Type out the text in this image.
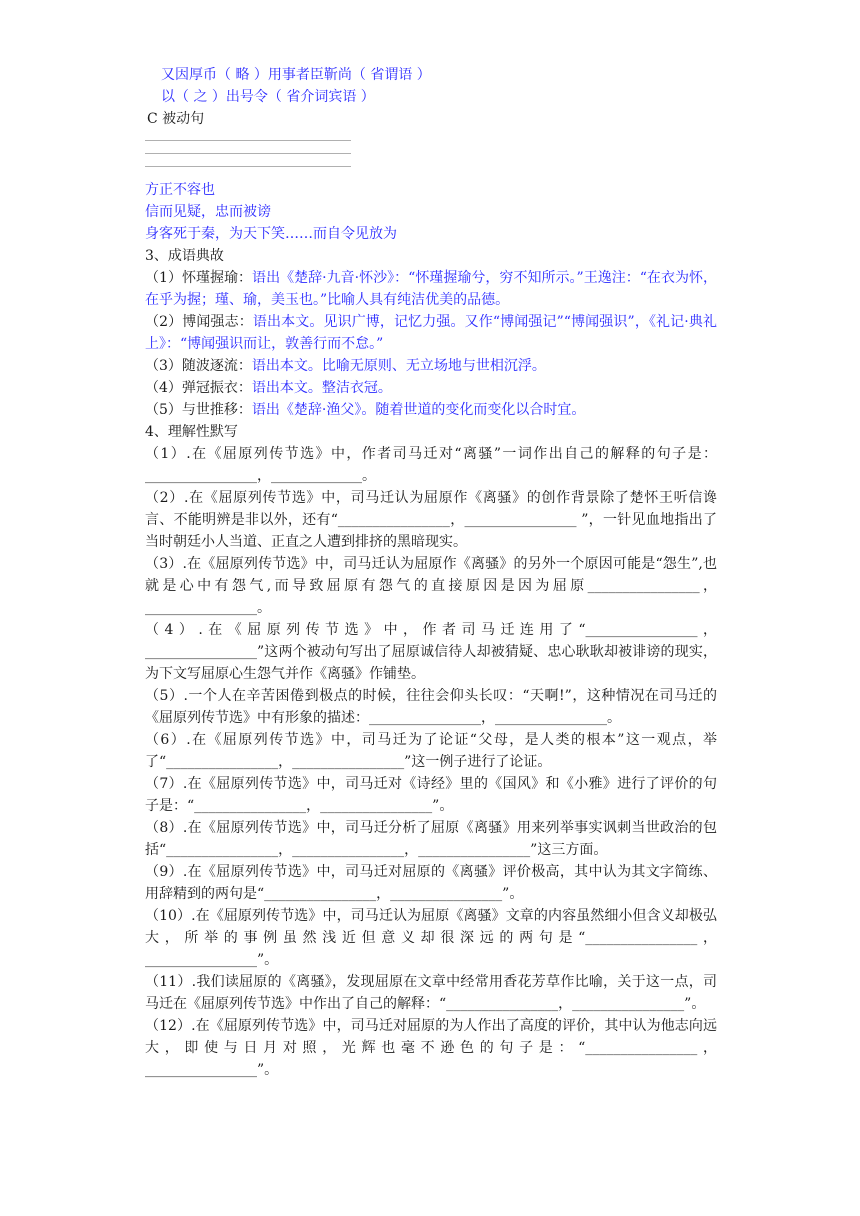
又因厚币（ 略 ）用事者臣靳尚（ 省谓语 ）
以（ 之 ）出号令（ 省介词宾语 ）
C 被动句
方正不容也
信而见疑，忠而被谤
身客死于秦，为天下笑……而自令见放为
3、成语典故
（1）怀瑾握瑜：语出《楚辞·九音·怀沙》：“怀瑾握瑜兮，穷不知所示。”王逸注：“在衣为怀，在乎为握；瑾、瑜，美玉也。”比喻人具有纯洁优美的品德。
（2）博闻强志：语出本文。见识广博，记忆力强。又作“博闻强记”“博闻强识”，《礼记·典礼上》：“博闻强识而让，敦善行而不怠。”
（3）随波逐流：语出本文。比喻无原则、无立场地与世相沉浮。
（4）弹冠振衣：语出本文。整洁衣冠。
（5）与世推移：语出《楚辞·渔父》。随着世道的变化而变化以合时宜。
4、理解性默写
（1）.在《屈原列传节选》中，作者司马迁对“离骚”一词作出自己的解释的句子是：________________，_____________。
（2）.在《屈原列传节选》中，司马迁认为屈原作《离骚》的创作背景除了楚怀王听信谗言、不能明辨是非以外，还有“________________，________________ ”，一针见血地指出了当时朝廷小人当道、正直之人遭到排挤的黑暗现实。
（3）.在《屈原列传节选》中，司马迁认为屈原作《离骚》的另外一个原因可能是“怨生”,也就是心中有怨气,而导致屈原有怨气的直接原因是因为屈原________________，________________。
（4）.在《屈原列传节选》中，作者司马迁连用了“________________，________________”这两个被动句写出了屈原诚信待人却被猜疑、忠心耿耿却被诽谤的现实，为下文写屈原心生怨气并作《离骚》作铺垫。
（5）.一个人在辛苦困倦到极点的时候，往往会仰头长叹：“天啊!”，这种情况在司马迁的《屈原列传节选》中有形象的描述：________________，________________。
（6）.在《屈原列传节选》中，司马迁为了论证“父母，是人类的根本”这一观点，举了“________________，________________”这一例子进行了论证。
（7）.在《屈原列传节选》中，司马迁对《诗经》里的《国风》和《小雅》进行了评价的句子是：“________________，________________”。
（8）.在《屈原列传节选》中，司马迁分析了屈原《离骚》用来列举事实讽刺当世政治的包括“________________，________________，________________”这三方面。
（9）.在《屈原列传节选》中，司马迁对屈原的《离骚》评价极高，其中认为其文字简练、用辞精到的两句是“________________，________________”。
（10）.在《屈原列传节选》中，司马迁认为屈原《离骚》文章的内容虽然细小但含义却极弘大，所举的事例虽然浅近但意义却很深远的两句是“________________，________________”。
（11）.我们读屈原的《离骚》，发现屈原在文章中经常用香花芳草作比喻，关于这一点，司马迁在《屈原列传节选》中作出了自己的解释：“________________，________________”。
（12）.在《屈原列传节选》中，司马迁对屈原的为人作出了高度的评价，其中认为他志向远大，即使与日月对照，光辉也毫不逊色的句子是：“________________，________________”。
